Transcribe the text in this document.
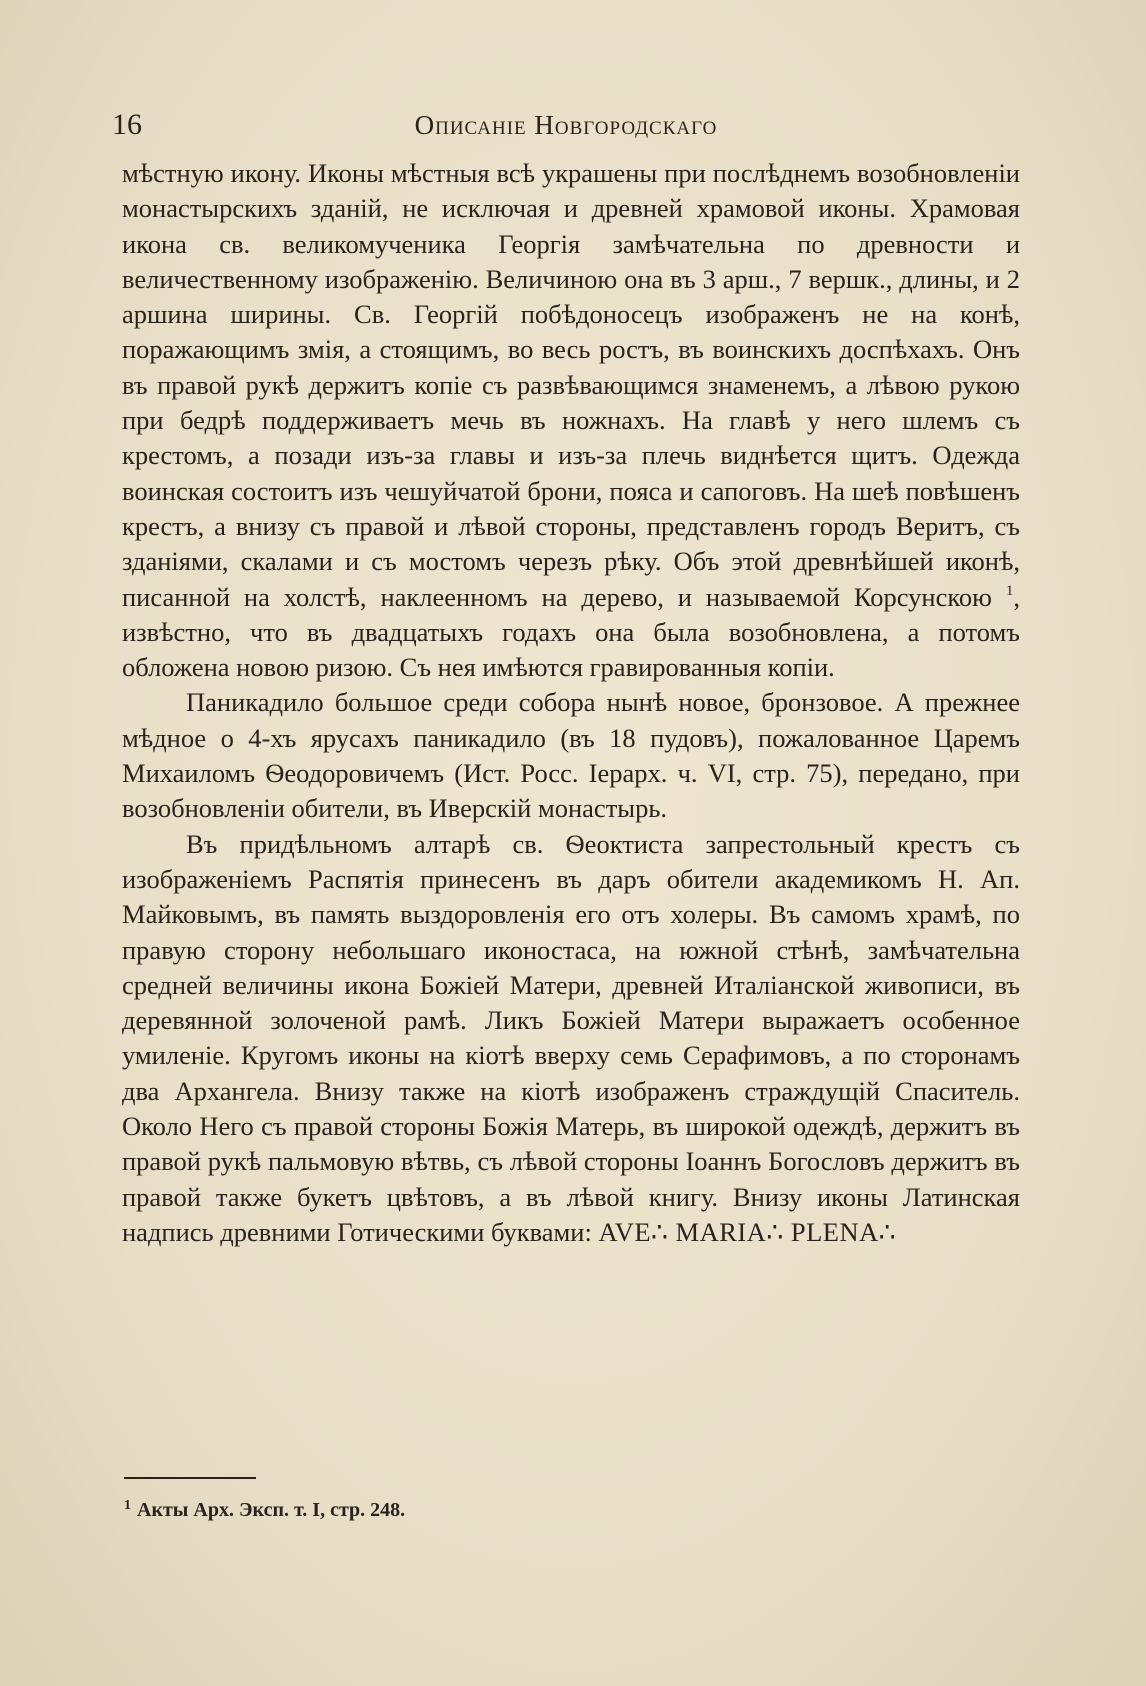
16	Описаніе Новгородскаго

мѣстную икону. Иконы мѣстныя всѣ украшены при послѣднемъ возобновленіи монастырскихъ зданій, не исключая и древней храмовой иконы. Храмовая икона св. великомученика Георгія замѣчательна по древности и величественному изображенію. Величиною она въ 3 арш., 7 вершк., длины, и 2 аршина ширины. Св. Георгій побѣдоносецъ изображенъ не на конѣ, поражающимъ змія, а стоящимъ, во весь ростъ, въ воинскихъ доспѣхахъ. Онъ въ правой рукѣ держитъ копіе съ развѣвающимся знаменемъ, а лѣвою рукою при бедрѣ поддерживаетъ мечь въ ножнахъ. На главѣ у него шлемъ съ крестомъ, а позади изъ-за главы и изъ-за плечь виднѣется щитъ. Одежда воинская состоитъ изъ чешуйчатой брони, пояса и сапоговъ. На шеѣ повѣшенъ крестъ, а внизу съ правой и лѣвой стороны, представленъ городъ Веритъ, съ зданіями, скалами и съ мостомъ черезъ рѣку. Объ этой древнѣйшей иконѣ, писанной на холстѣ, наклеенномъ на дерево, и называемой Корсунскою $^1$, извѣстно, что въ двадцатыхъ годахъ она была возобновлена, а потомъ обложена новою ризою. Съ нея имѣются гравированныя копіи.

Паникадило большое среди собора нынѣ новое, бронзовое. А прежнее мѣдное о 4-хъ ярусахъ паникадило (въ 18 пудовъ), пожалованное Царемъ Михаиломъ Ѳеодоровичемъ (Ист. Росс. Іерарх. ч. VI, стр. 75), передано, при возобновленіи обители, въ Иверскій монастырь.

Въ придѣльномъ алтарѣ св. Ѳеоктиста запрестольный крестъ съ изображеніемъ Распятія принесенъ въ даръ обители академикомъ Н. Ап. Майковымъ, въ память выздоровленія его отъ холеры. Въ самомъ храмѣ, по правую сторону небольшаго иконостаса, на южной стѣнѣ, замѣчательна средней величины икона Божіей Матери, древней Италіанской живописи, въ деревянной золоченой рамѣ. Ликъ Божіей Матери выражаетъ особенное умиленіе. Кругомъ иконы на кіотѣ вверху семь Серафимовъ, а по сторонамъ два Архангела. Внизу также на кіотѣ изображенъ страждущій Спаситель. Около Него съ правой стороны Божія Матерь, въ широкой одеждѣ, держитъ въ правой рукѣ пальмовую вѣтвь, съ лѣвой стороны Іоаннъ Богословъ держитъ въ правой также букетъ цвѣтовъ, а въ лѣвой книгу. Внизу иконы Латинская надпись древними Готическими буквами: AVE∴ MARIA∴ PLENA∴

$^1$ Акты Арх. Эксп. т. I, стр. 248.
